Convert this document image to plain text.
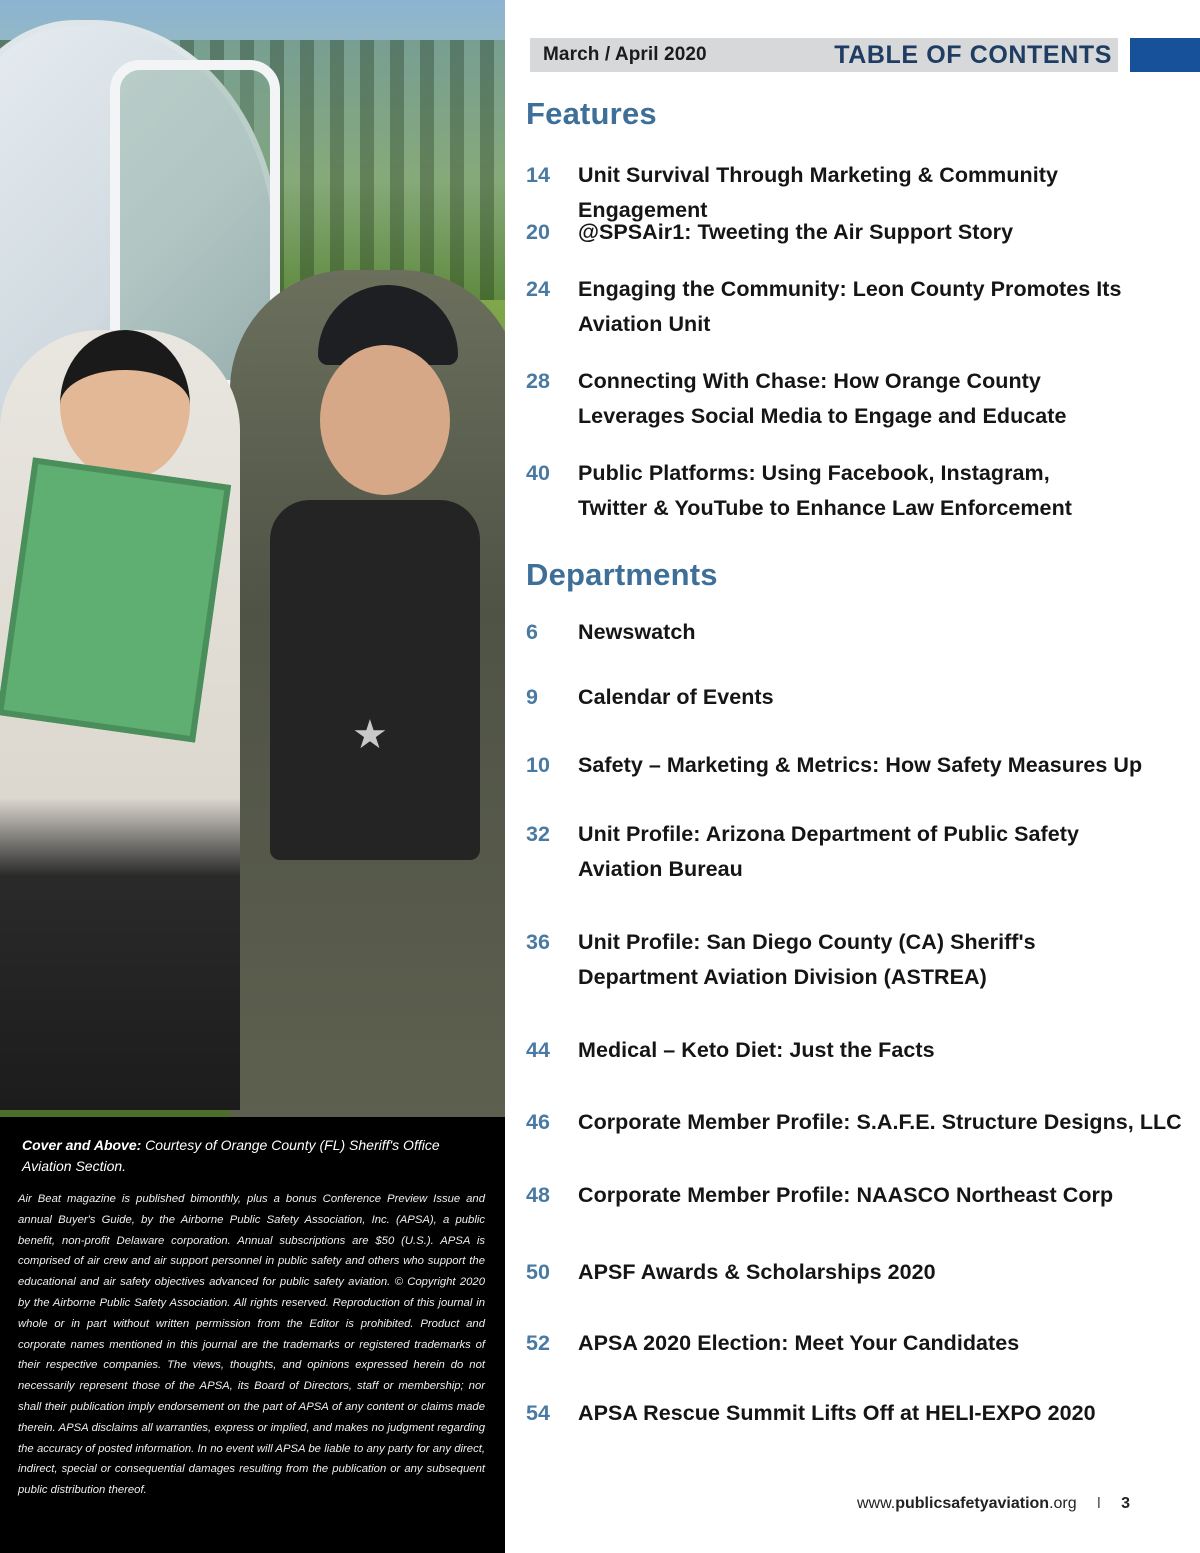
★

Cover and Above: Courtesy of Orange County (FL) Sheriff's Office Aviation Section.

Air Beat magazine is published bimonthly, plus a bonus Conference Preview Issue and annual Buyer's Guide, by the Airborne Public Safety Association, Inc. (APSA), a public benefit, non-profit Delaware corporation. Annual subscriptions are $50 (U.S.). APSA is comprised of air crew and air support personnel in public safety and others who support the educational and air safety objectives advanced for public safety aviation. © Copyright 2020 by the Airborne Public Safety Association. All rights reserved. Reproduction of this journal in whole or in part without written permission from the Editor is prohibited. Product and corporate names mentioned in this journal are the trademarks or registered trademarks of their respective companies. The views, thoughts, and opinions expressed herein do not necessarily represent those of the APSA, its Board of Directors, staff or membership; nor shall their publication imply endorsement on the part of APSA of any content or claims made therein. APSA disclaims all warranties, express or implied, and makes no judgment regarding the accuracy of posted information. In no event will APSA be liable to any party for any direct, indirect, special or consequential damages resulting from the publication or any subsequent public distribution thereof.

March / April 2020	TABLE OF CONTENTS
Features
14	Unit Survival Through Marketing & Community Engagement
20	@SPSAir1: Tweeting the Air Support Story
24	Engaging the Community: Leon County Promotes Its
Aviation Unit
28	Connecting With Chase: How Orange County
Leverages Social Media to Engage and Educate
40	Public Platforms: Using Facebook, Instagram,
Twitter & YouTube to Enhance Law Enforcement
Departments
6	Newswatch
9	Calendar of Events
10	Safety – Marketing & Metrics: How Safety Measures Up
32	Unit Profile: Arizona Department of Public Safety
Aviation Bureau
36	Unit Profile: San Diego County (CA) Sheriff's
Department Aviation Division (ASTREA)
44	Medical – Keto Diet: Just the Facts
46	Corporate Member Profile: S.A.F.E. Structure Designs, LLC
48	Corporate Member Profile: NAASCO Northeast Corp
50	APSF Awards & Scholarships 2020
52	APSA 2020 Election: Meet Your Candidates
54	APSA Rescue Summit Lifts Off at HELI-EXPO 2020
www.publicsafetyaviation.org I 3
